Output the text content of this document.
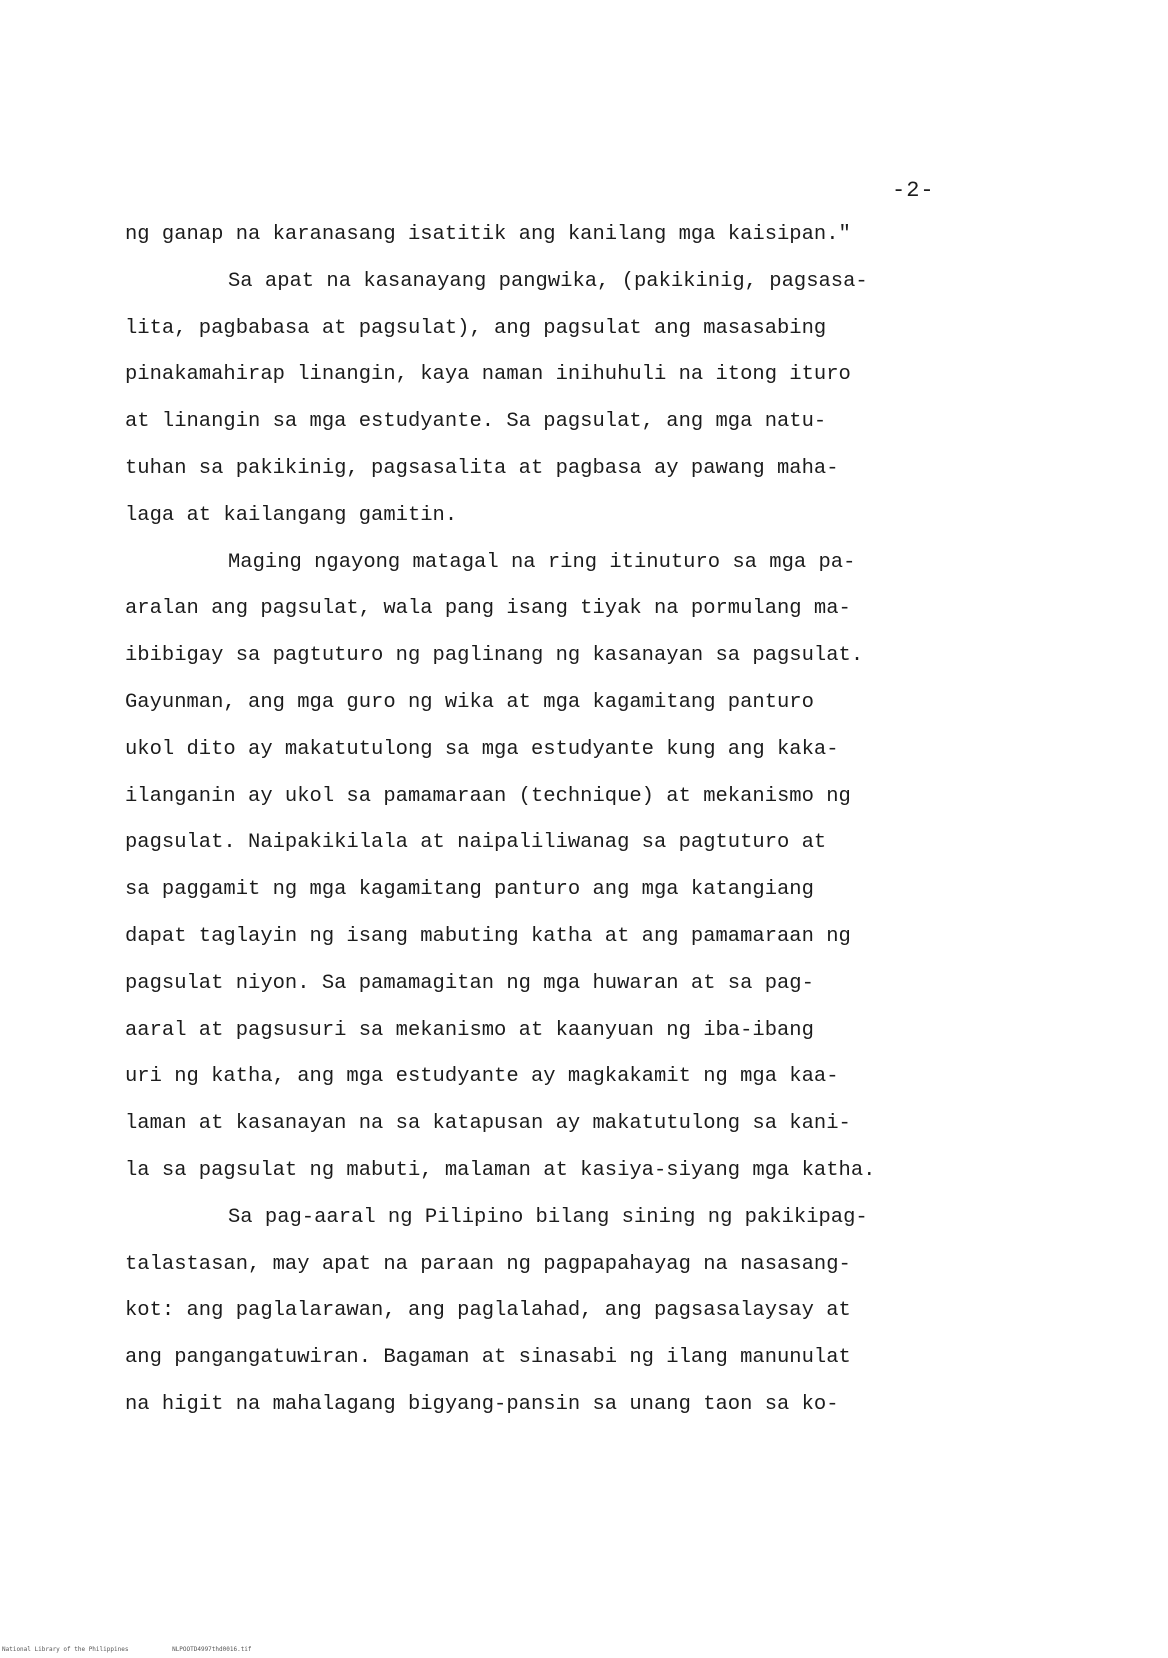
-2-
ng ganap na karanasang isatitik ang kanilang mga kaisipan."
Sa apat na kasanayang pangwika, (pakikinig, pagsasa-
lita, pagbabasa at pagsulat), ang pagsulat ang masasabing
pinakamahirap linangin, kaya naman inihuhuli na itong ituro
at linangin sa mga estudyante. Sa pagsulat, ang mga natu-
tuhan sa pakikinig, pagsasalita at pagbasa ay pawang maha-
laga at kailangang gamitin.
Maging ngayong matagal na ring itinuturo sa mga pa-
aralan ang pagsulat, wala pang isang tiyak na pormulang ma-
ibibigay sa pagtuturo ng paglinang ng kasanayan sa pagsulat.
Gayunman, ang mga guro ng wika at mga kagamitang panturo
ukol dito ay makatutulong sa mga estudyante kung ang kaka-
ilanganin ay ukol sa pamamaraan (technique) at mekanismo ng
pagsulat. Naipakikilala at naipaliliwanag sa pagtuturo at
sa paggamit ng mga kagamitang panturo ang mga katangiang
dapat taglayin ng isang mabuting katha at ang pamamaraan ng
pagsulat niyon. Sa pamamagitan ng mga huwaran at sa pag-
aaral at pagsusuri sa mekanismo at kaanyuan ng iba-ibang
uri ng katha, ang mga estudyante ay magkakamit ng mga kaa-
laman at kasanayan na sa katapusan ay makatutulong sa kani-
la sa pagsulat ng mabuti, malaman at kasiya-siyang mga katha.
Sa pag-aaral ng Pilipino bilang sining ng pakikipag-
talastasan, may apat na paraan ng pagpapahayag na nasasang-
kot: ang paglalarawan, ang paglalahad, ang pagsasalaysay at
ang pangangatuwiran. Bagaman at sinasabi ng ilang manunulat
na higit na mahalagang bigyang-pansin sa unang taon sa ko-
National Library of the Philippines	NLPOOTD4997thd0016.tif
